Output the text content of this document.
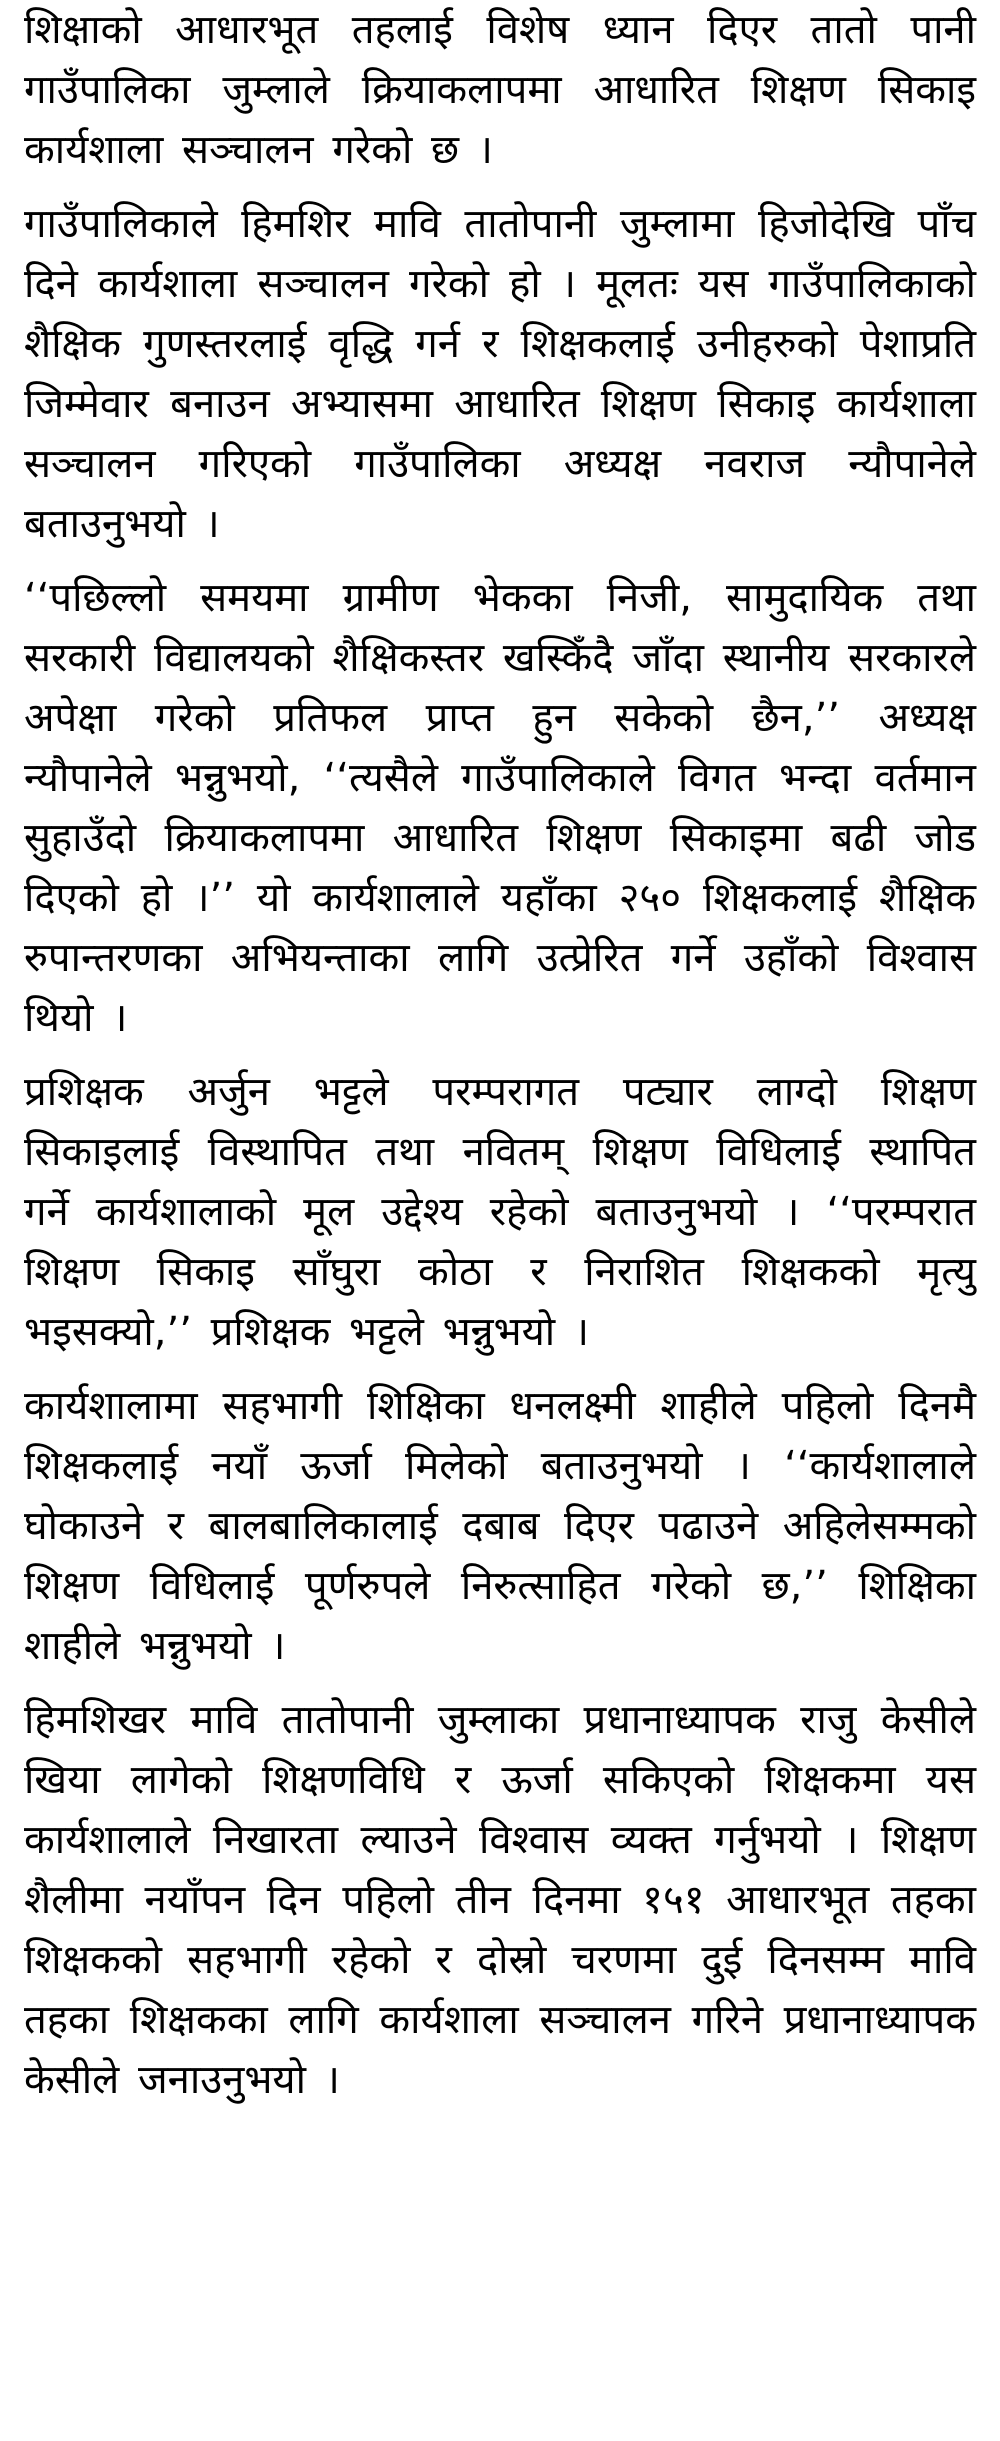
शिक्षाको आधारभूत तहलाई विशेष ध्यान दिएर तातो पानी गाउँपालिका जुम्लाले क्रियाकलापमा आधारित शिक्षण सिकाइ कार्यशाला सञ्चालन गरेको छ ।

गाउँपालिकाले हिमशिर मावि तातोपानी जुम्लामा हिजोदेखि पाँच दिने कार्यशाला सञ्चालन गरेको हो । मूलतः यस गाउँपालिकाको शैक्षिक गुणस्तरलाई वृद्धि गर्न र शिक्षकलाई उनीहरुको पेशाप्रति जिम्मेवार बनाउन अभ्यासमा आधारित शिक्षण सिकाइ कार्यशाला सञ्चालन गरिएको गाउँपालिका अध्यक्ष नवराज न्यौपानेले बताउनुभयो ।

‘‘पछिल्लो समयमा ग्रामीण भेकका निजी, सामुदायिक तथा सरकारी विद्यालयको शैक्षिकस्तर खस्किँदै जाँदा स्थानीय सरकारले अपेक्षा गरेको प्रतिफल प्राप्त हुन सकेको छैन,’’ अध्यक्ष न्यौपानेले भन्नुभयो, ‘‘त्यसैले गाउँपालिकाले विगत भन्दा वर्तमान सुहाउँदो क्रियाकलापमा आधारित शिक्षण सिकाइमा बढी जोड दिएको हो ।’’ यो कार्यशालाले यहाँका २५० शिक्षकलाई शैक्षिक रुपान्तरणका अभियन्ताका लागि उत्प्रेरित गर्ने उहाँको विश्वास थियो ।

प्रशिक्षक अर्जुन भट्टले परम्परागत पट्यार लाग्दो शिक्षण सिकाइलाई विस्थापित तथा नवितम् शिक्षण विधिलाई स्थापित गर्ने कार्यशालाको मूल उद्देश्य रहेको बताउनुभयो । ‘‘परम्परात शिक्षण सिकाइ साँघुरा कोठा र निराशित शिक्षकको मृत्यु भइसक्यो,’’ प्रशिक्षक भट्टले भन्नुभयो ।

कार्यशालामा सहभागी शिक्षिका धनलक्ष्मी शाहीले पहिलो दिनमै शिक्षकलाई नयाँ ऊर्जा मिलेको बताउनुभयो । ‘‘कार्यशालाले घोकाउने र बालबालिकालाई दबाब दिएर पढाउने अहिलेसम्मको शिक्षण विधिलाई पूर्णरुपले निरुत्साहित गरेको छ,’’ शिक्षिका शाहीले भन्नुभयो ।

हिमशिखर मावि तातोपानी जुम्लाका प्रधानाध्यापक राजु केसीले खिया लागेको शिक्षणविधि र ऊर्जा सकिएको शिक्षकमा यस कार्यशालाले निखारता ल्याउने विश्वास व्यक्त गर्नुभयो । शिक्षण शैलीमा नयाँपन दिन पहिलो तीन दिनमा १५१ आधारभूत तहका शिक्षकको सहभागी रहेको र दोस्रो चरणमा दुई दिनसम्म मावि तहका शिक्षकका लागि कार्यशाला सञ्चालन गरिने प्रधानाध्यापक केसीले जनाउनुभयो ।
